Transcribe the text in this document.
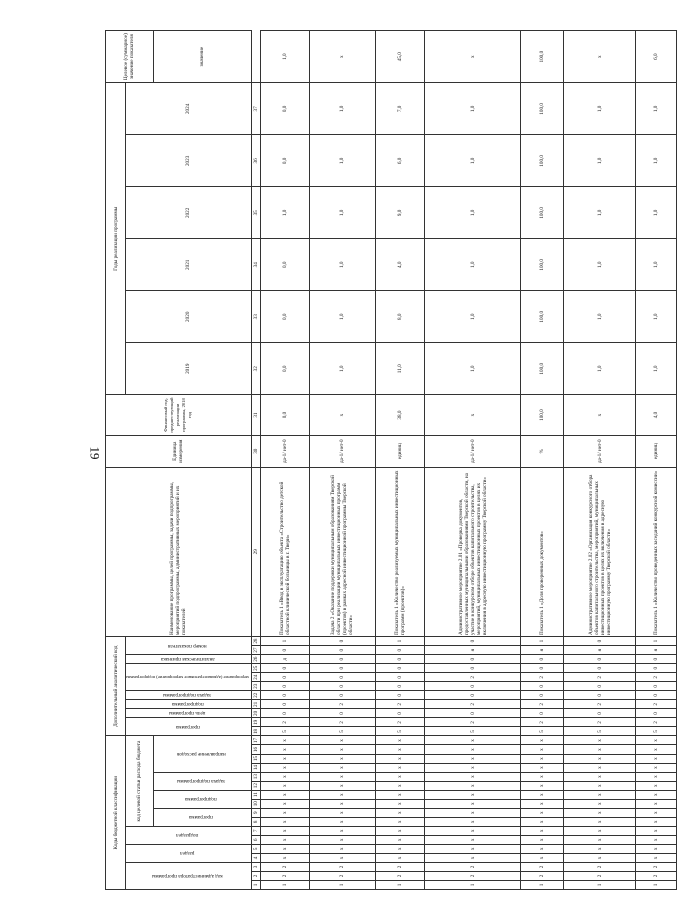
19
Коды бюджетной классификации																	Дополнительный аналитический код											Наименование программы, целей программы, задачи подпрограммы, мероприятий подпрограммы, административных мероприятий и их показателей	Единица измерения	Финансовый год, предшествующий реализации программы, 2018 год	Годы реализации программы						Целевое (суммарное) значение показателя
код администратора программы			раздел		подраздел		код целевой статьи расхода бюджета										программа		цель программы	подпрограмма	задача подпрограммы	мероприятие (административное мероприятие) подпрограммы			аналитическая признака	номер показателя					2019	2020	2021	2022	2023	2024	
							программа		подпрограмма		задача подпрограммы		направление расходов																								значение
1	2	3	4	5	6	7	8	9	10	11	12	13	14	15	16	17	18	19	20	21	22	23	24	25	26	27	28	29	30	31	32	33	34	35	36	37	
1	2	2	х	х	х	х	х	х	х	х	х	х	х	х	х	х	5	2	0	0	0	0	0	0	д	0	1	Показатель 1 «Ввод в эксплуатацию объекта «Строительство детской областной клинической больницы в г. Твери»	да-1/ нет-0	0,0	0,0	0,0	0,0	1,0	0,0	0,0	1,0
1	2	2	х	х	х	х	х	х	х	х	х	х	х	х	х	х	5	2	0	2	0	0	0	0	0	0	0	Задача 2 «Оказание поддержки муниципальным образованиям Тверской области при реализации муниципальных инвестиционных программ (проектов) в рамках адресной инвестиционной программы Тверской области»	да-1/ нет-0	х	1,0	1,0	1,0	1,0	1,0	1,0	х
1	2	2	х	х	х	х	х	х	х	х	х	х	х	х	х	х	5	2	0	2	0	0	0	0	0	0	1	Показатель 1 «Количество реализуемых муниципальных инвестиционных программ (проектов)»	единиц	38,0	11,0	8,0	4,0	9,0	6,0	7,0	45,0
1	2	2	х	х	х	х	х	х	х	х	х	х	х	х	х	х	5	2	0	2	0	0	2	0	0	я	0	Административное мероприятие 2.01 «Проверка документов, предоставленных муниципальными образованиями Тверской области, на участие в конкурсном отборе объектов капитального строительства, мероприятий, муниципальных инвестиционных проектов в целях их включения в адресную инвестиционную программу Тверской области»	да-1/ нет-0	х	1,0	1,0	1,0	1,0	1,0	1,0	х
1	2	2	х	х	х	х	х	х	х	х	х	х	х	х	х	х	5	2	0	2	0	0	2	0	0	я	1	Показатель 1 «Доля проверенных документов»	%	100,0	100,0	100,0	100,0	100,0	100,0	100,0	100,0
1	2	2	х	х	х	х	х	х	х	х	х	х	х	х	х	х	5	2	0	2	0	0	2	0	0	я	0	Административное мероприятие 2.02 «Организация конкурсного отбора объектов капитального строительства, мероприятий, муниципальных инвестиционных проектов в целях их включения в адресную инвестиционную программу Тверской области»	да-1/ нет-0	х	1,0	1,0	1,0	1,0	1,0	1,0	х
1	2	2	х	х	х	х	х	х	х	х	х	х	х	х	х	х	5	2	0	2	0	0	2	0	0	я	1	Показатель 1 «Количество проведенных заседаний конкурсной комиссии»	единиц	4,0	1,0	1,0	1,0	1,0	1,0	1,0	6,0
